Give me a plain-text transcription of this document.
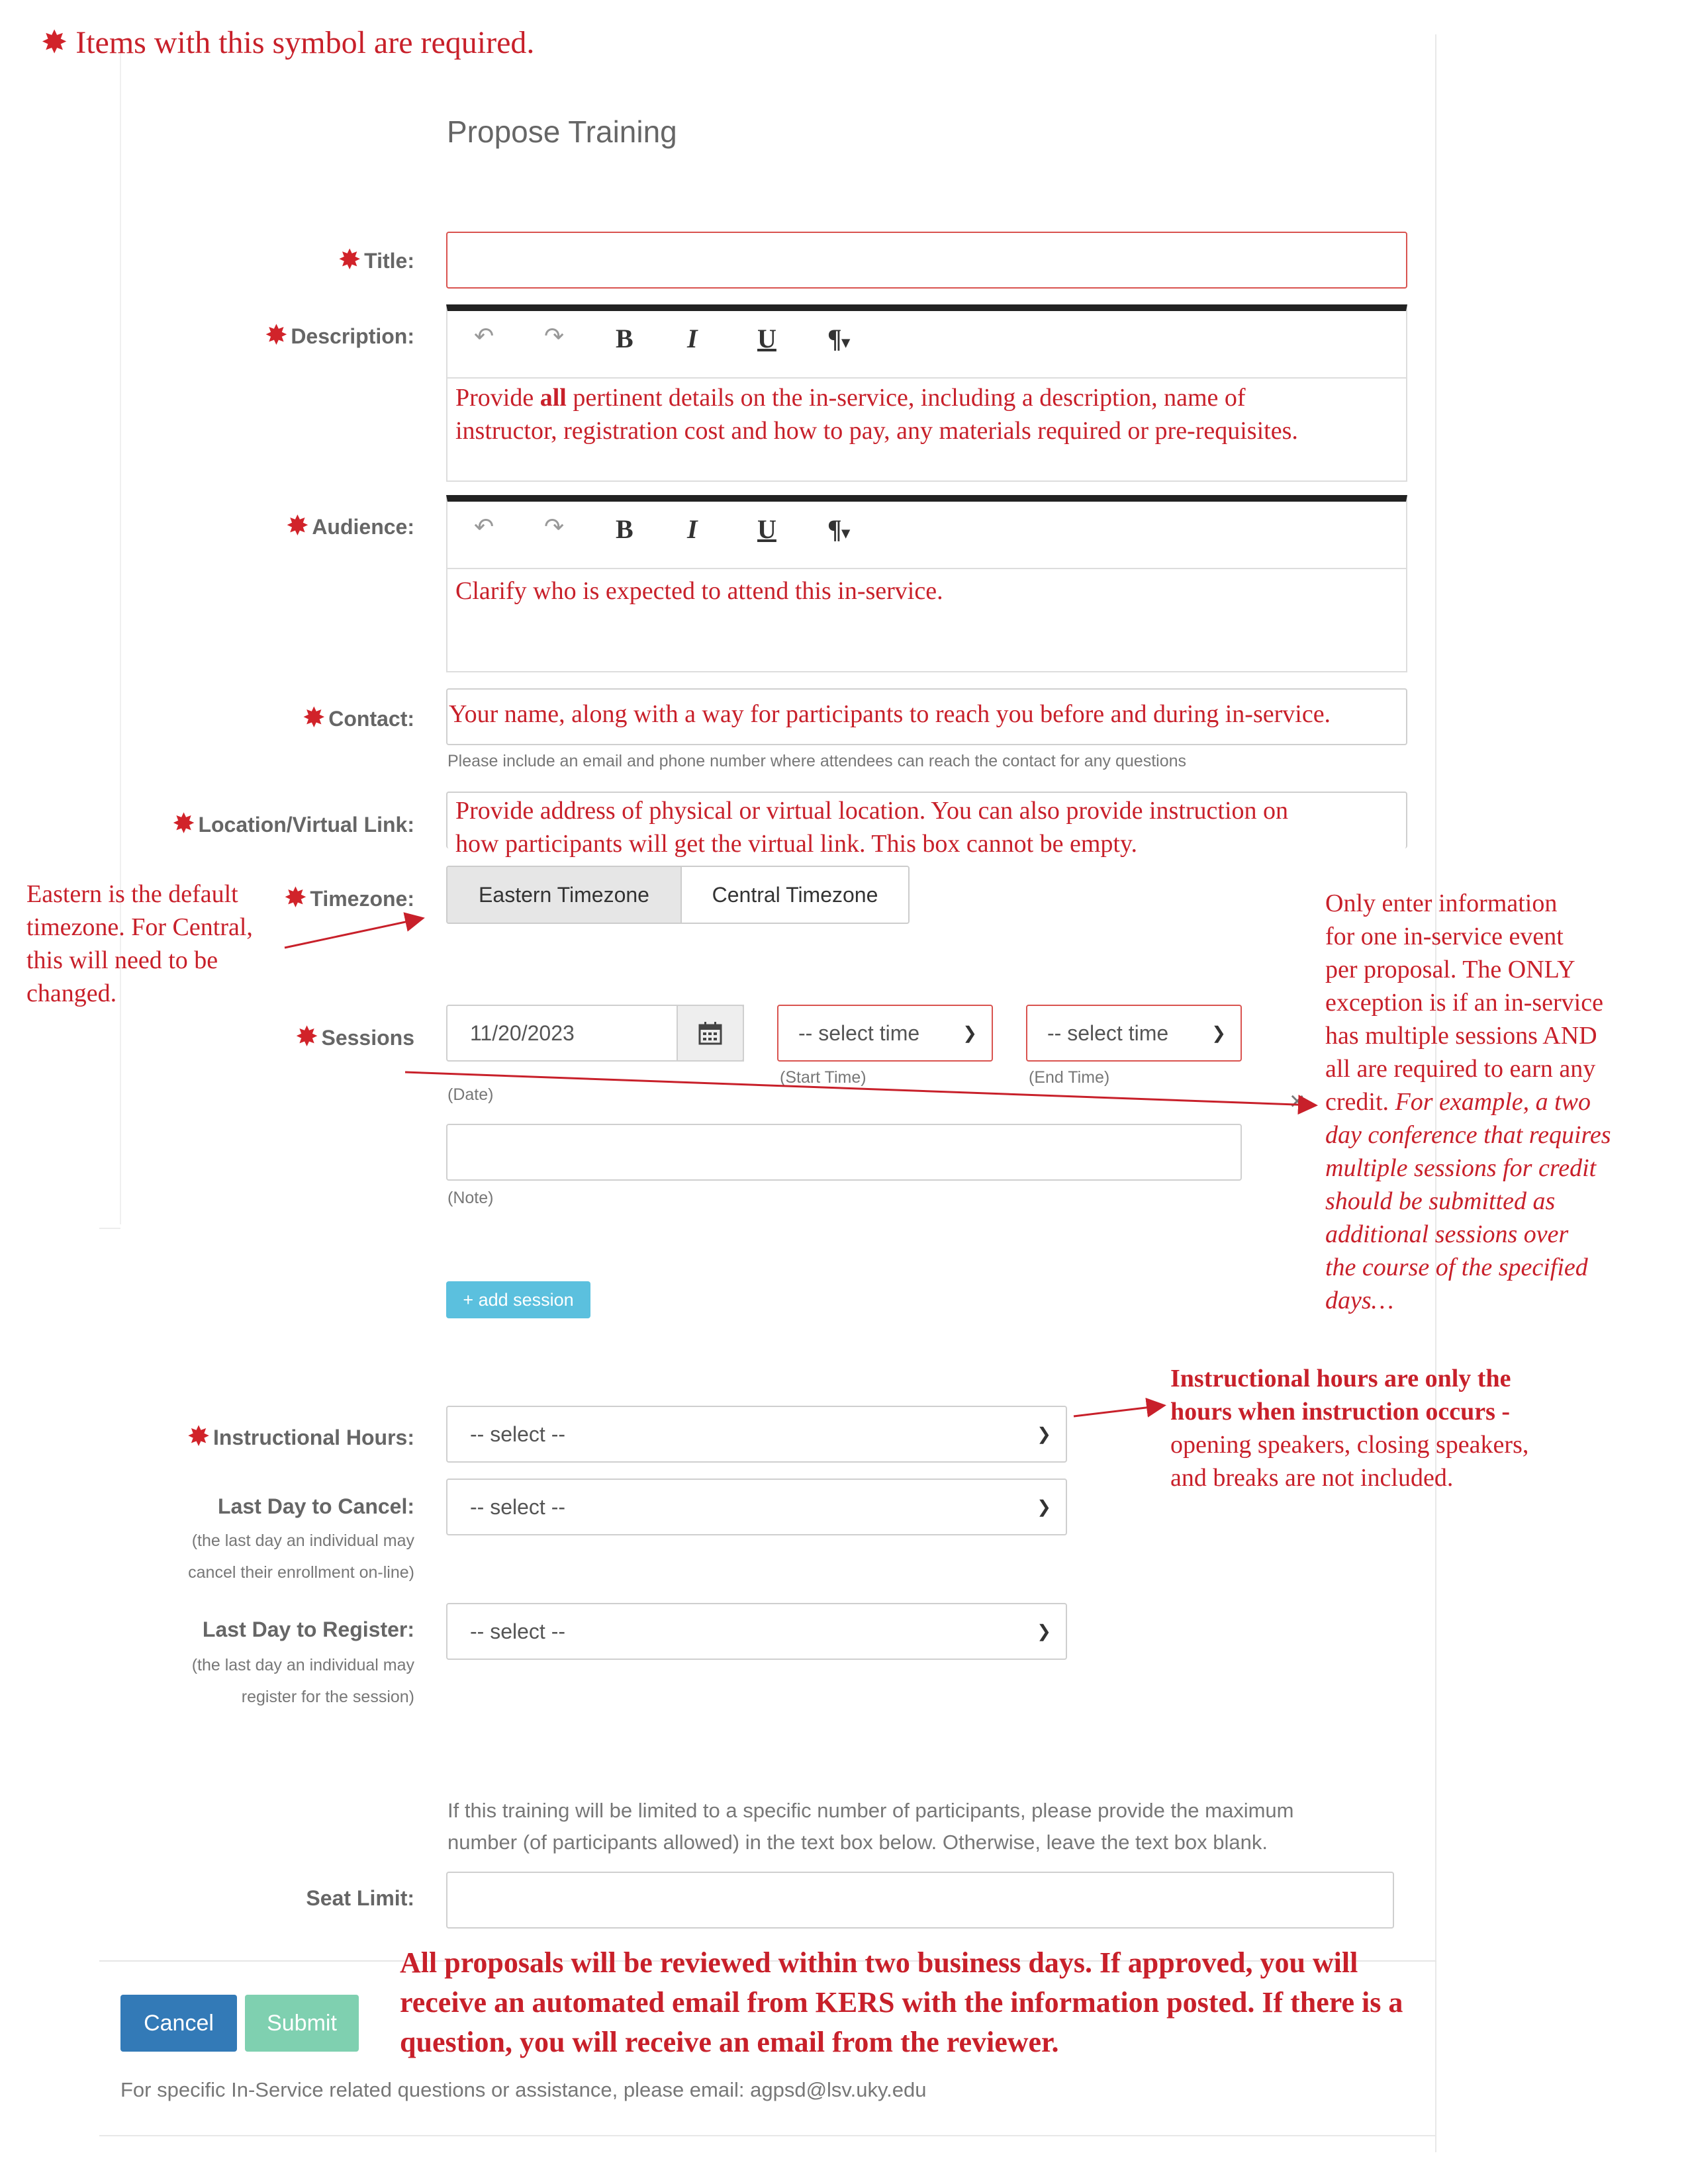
✸ Items with this symbol are required.
Propose Training
✸ Title:
✸ Description:	↶ ↷ B I U ¶▾
Provide all pertinent details on the in-service, including a description, name of
instructor, registration cost and how to pay, any materials required or pre-requisites.
✸ Audience:	↶ ↷ B I U ¶▾
Clarify who is expected to attend this in-service.
✸ Contact: Your name, along with a way for participants to reach you before and during in-service.
Please include an email and phone number where attendees can reach the contact for any questions
✸ Location/Virtual Link: Provide address of physical or virtual location. You can also provide instruction on
how participants will get the virtual link. This box cannot be empty.
✸ Timezone:	Eastern Timezone	Central Timezone
Eastern is the default
timezone. For Central,
this will need to be
changed.
✸ Sessions	11/20/2023
(Date)
-- select time	❯
(Start Time)
-- select time	❯
(End Time)
×
(Note)
+ add session
Only enter information
for one in-service event
per proposal. The ONLY
exception is if an in-service
has multiple sessions AND
all are required to earn any
credit. For example, a two
day conference that requires
multiple sessions for credit
should be submitted as
additional sessions over
the course of the specified
days…
✸ Instructional Hours:	-- select --	❯
Instructional hours are only the
hours when instruction occurs -
opening speakers, closing speakers,
and breaks are not included.
Last Day to Cancel:
(the last day an individual may
cancel their enrollment on-line)
-- select --	❯
Last Day to Register:
(the last day an individual may
register for the session)
-- select --	❯
If this training will be limited to a specific number of participants, please provide the maximum
number (of participants allowed) in the text box below. Otherwise, leave the text box blank.
Seat Limit:
Cancel	Submit
All proposals will be reviewed within two business days. If approved, you will
receive an automated email from KERS with the information posted. If there is a
question, you will receive an email from the reviewer.
For specific In-Service related questions or assistance, please email: agpsd@lsv.uky.edu
